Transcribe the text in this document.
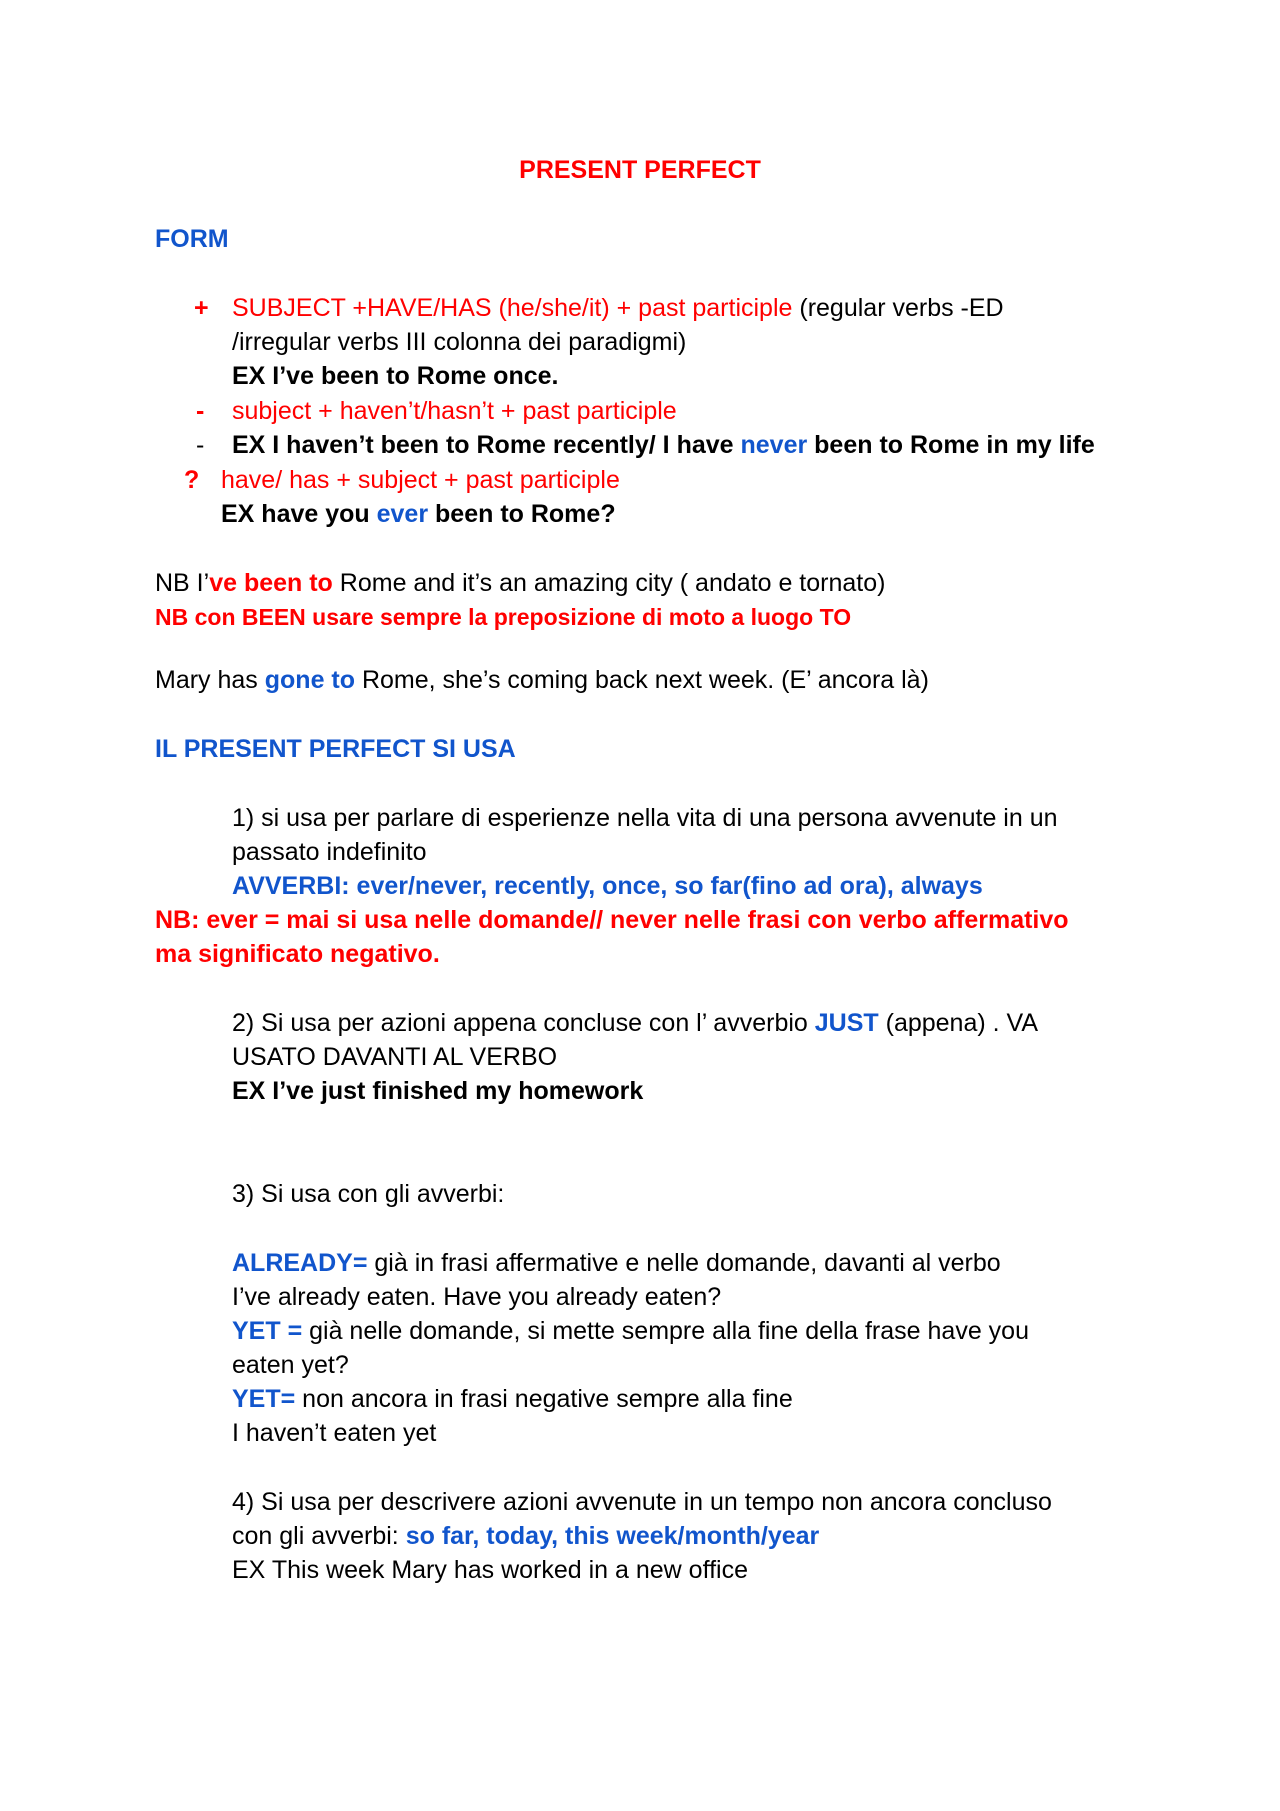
PRESENT PERFECT
FORM
+ SUBJECT +HAVE/HAS (he/she/it) + past participle (regular verbs -ED
/irregular verbs III colonna dei paradigmi)
EX I’ve been to Rome once.
- subject + haven’t/hasn’t + past participle
- EX I haven’t been to Rome recently/ I have never been to Rome in my life
? have/ has + subject + past participle
EX have you ever been to Rome?
NB I’ve been to Rome and it’s an amazing city ( andato e tornato)
NB con BEEN usare sempre la preposizione di moto a luogo TO
Mary has gone to Rome, she’s coming back next week. (E’ ancora là)
IL PRESENT PERFECT SI USA
1) si usa per parlare di esperienze nella vita di una persona avvenute in un
passato indefinito
AVVERBI: ever/never, recently, once, so far(fino ad ora), always
NB: ever = mai si usa nelle domande// never nelle frasi con verbo affermativo
ma significato negativo.
2) Si usa per azioni appena concluse con l’ avverbio JUST (appena) . VA
USATO DAVANTI AL VERBO
EX I’ve just finished my homework
3) Si usa con gli avverbi:
ALREADY= già in frasi affermative e nelle domande, davanti al verbo
I’ve already eaten. Have you already eaten?
YET = già nelle domande, si mette sempre alla fine della frase have you
eaten yet?
YET= non ancora in frasi negative sempre alla fine
I haven’t eaten yet
4) Si usa per descrivere azioni avvenute in un tempo non ancora concluso
con gli avverbi: so far, today, this week/month/year
EX This week Mary has worked in a new office
